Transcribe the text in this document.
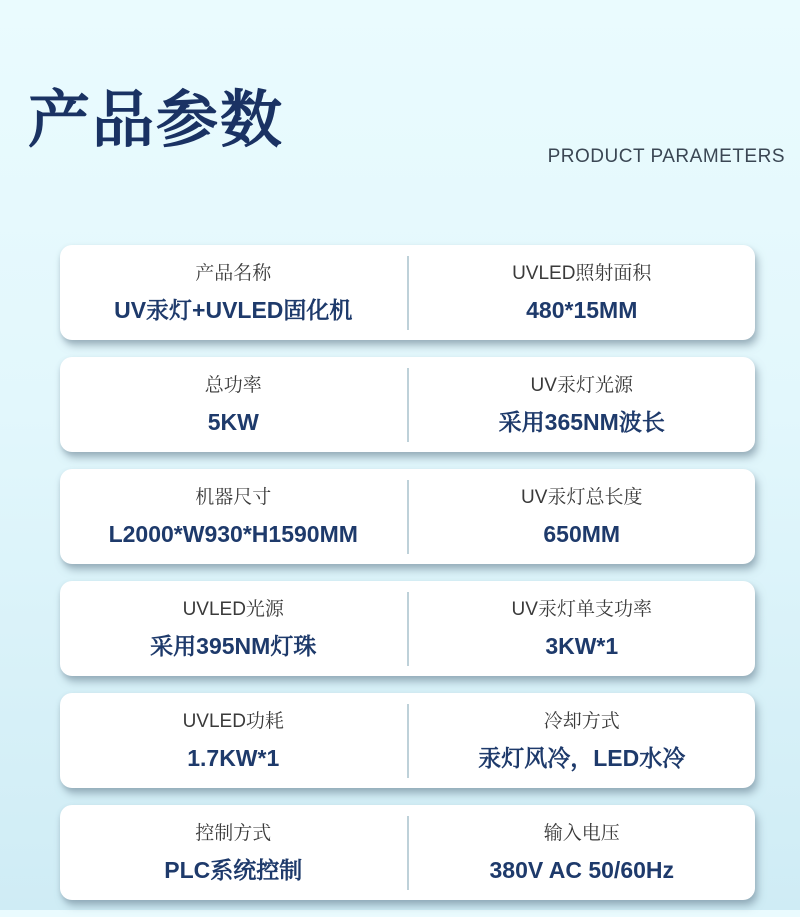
产品参数
PRODUCT PARAMETERS
产品名称
UV汞灯+UVLED固化机
UVLED照射面积
480*15MM
总功率
5KW
UV汞灯光源
采用365NM波长
机器尺寸
L2000*W930*H1590MM
UV汞灯总长度
650MM
UVLED光源
采用395NM灯珠
UV汞灯单支功率
3KW*1
UVLED功耗
1.7KW*1
冷却方式
汞灯风冷，LED水冷
控制方式
PLC系统控制
输入电压
380V AC 50/60Hz
